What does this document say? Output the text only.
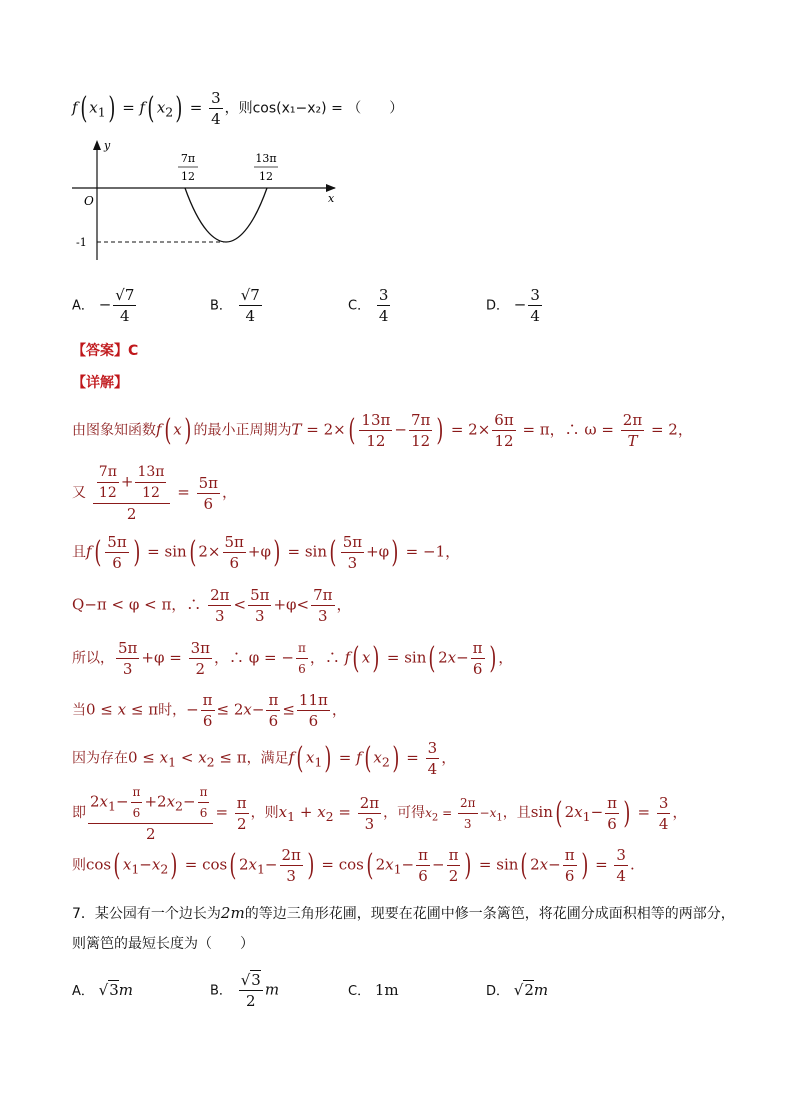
f( $x_1) = f$( $x_2) = \frac{3}{4}$ ，则cos(x₁−x₂) = （　　）
y
x
O
-1
7π
12
13π
12
A． − $\frac{√7}{4}$	B． $\frac{√7}{4}$	C． $\frac{3}{4}$	D． − $\frac{3}{4}$
【答案】C
【详解】
由图象知函数f( x) 的最小正周期为$T = 2\times( \frac{13\pi}{12} - \frac{7\pi}{12}$ ) = $2\times \frac{6\pi}{12} = \pi$，∴ $\omega = \frac{2\pi}{T} = 2$，
又 $\frac{\frac{7\pi}{12} + \frac{13\pi}{12}}{2} = \frac{5\pi}{6}$ ，
且$f( \frac{5\pi}{6}$ ) = sin( $2\times \frac{5\pi}{6} +\varphi) = \sin( \frac{5\pi}{3} +\varphi) = -1$，
Q−π < φ < π，∴ $\frac{2\pi}{3} < \frac{5\pi}{3} +\varphi< \frac{7\pi}{3}$ ，
所以， $\frac{5\pi}{3} +\varphi = \frac{3\pi}{2}$ ，∴ φ = − $\frac{\pi}{6}$ ，∴ f( x) = sin( $2x- \frac{\pi}{6}$ ) ，
当0 ≤ x ≤ π时，− $\frac{\pi}{6} \le 2x- \frac{\pi}{6} \le \frac{11\pi}{6}$ ，
因为存在$0 \le x_1 < x_2 \le \pi$，满足f( $x_1) = f$( $x_2) = \frac{3}{4}$ ，
即 $\frac{2x_1- \frac{\pi}{6} +2x_2- \frac{\pi}{6}}{2} = \frac{\pi}{2}$ ，则$x_1 + x_2 = \frac{2\pi}{3}$ ，可得$x_2 = \frac{2\pi}{3} -x_1$，且sin( $2x_1- \frac{\pi}{6}$ ) = $\frac{3}{4}$ ，
则cos( $x_1-x_2) = \cos$( $2x_1- \frac{2\pi}{3}$ ) = cos( $2x_1- \frac{\pi}{6} - \frac{\pi}{2}$ ) = sin( $2x- \frac{\pi}{6}$ ) = $\frac{3}{4}$ .
7．某公园有一个边长为2m的等边三角形花圃，现要在花圃中修一条篱笆，将花圃分成面积相等的两部分，
则篱笆的最短长度为（　　）
A． √3m	B． $\frac{√3}{2}$ m	C． 1m	D． √2m
